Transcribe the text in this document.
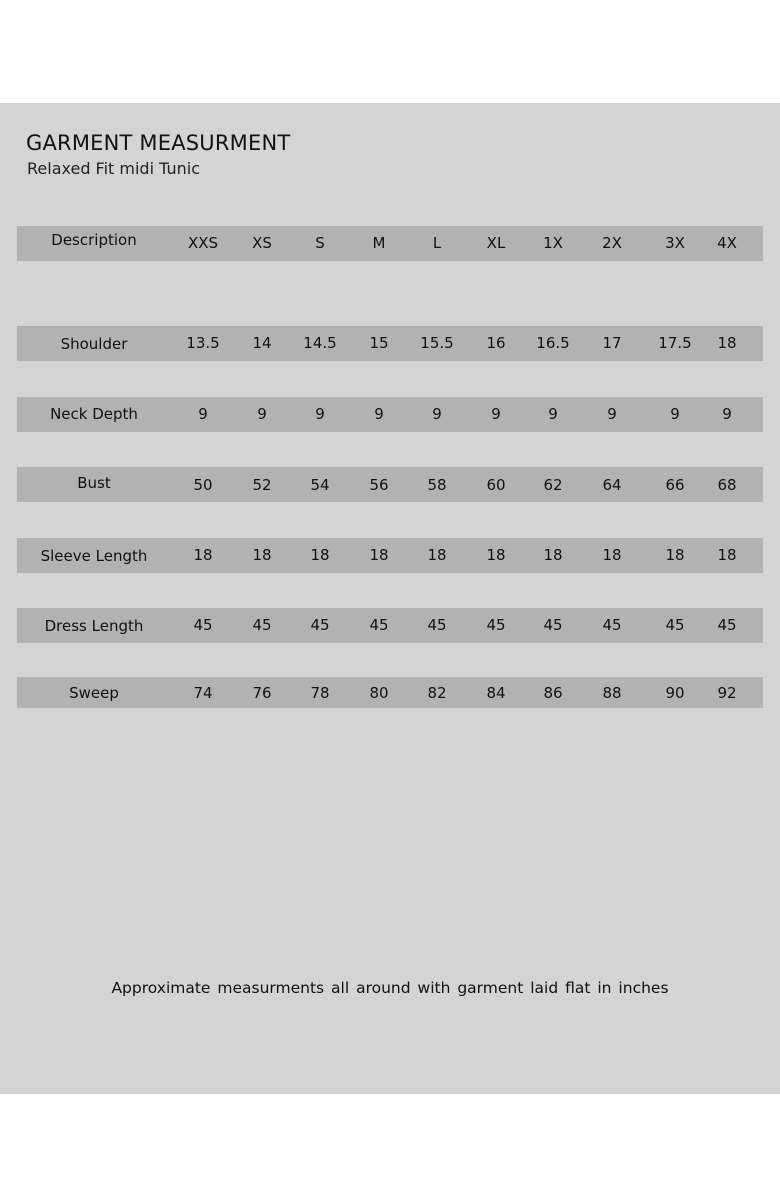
GARMENT MEASURMENT

Relaxed Fit midi Tunic

Description	XXS	XS	S	M	L	XL	1X	2X	3X	4X
Shoulder	13.5	14	14.5	15	15.5	16	16.5	17	17.5	18
Neck Depth	9	9	9	9	9	9	9	9	9	9
Bust	50	52	54	56	58	60	62	64	66	68
Sleeve Length	18	18	18	18	18	18	18	18	18	18
Dress Length	45	45	45	45	45	45	45	45	45	45
Sweep	74	76	78	80	82	84	86	88	90	92

Approximate measurments all around with garment laid flat in inches
